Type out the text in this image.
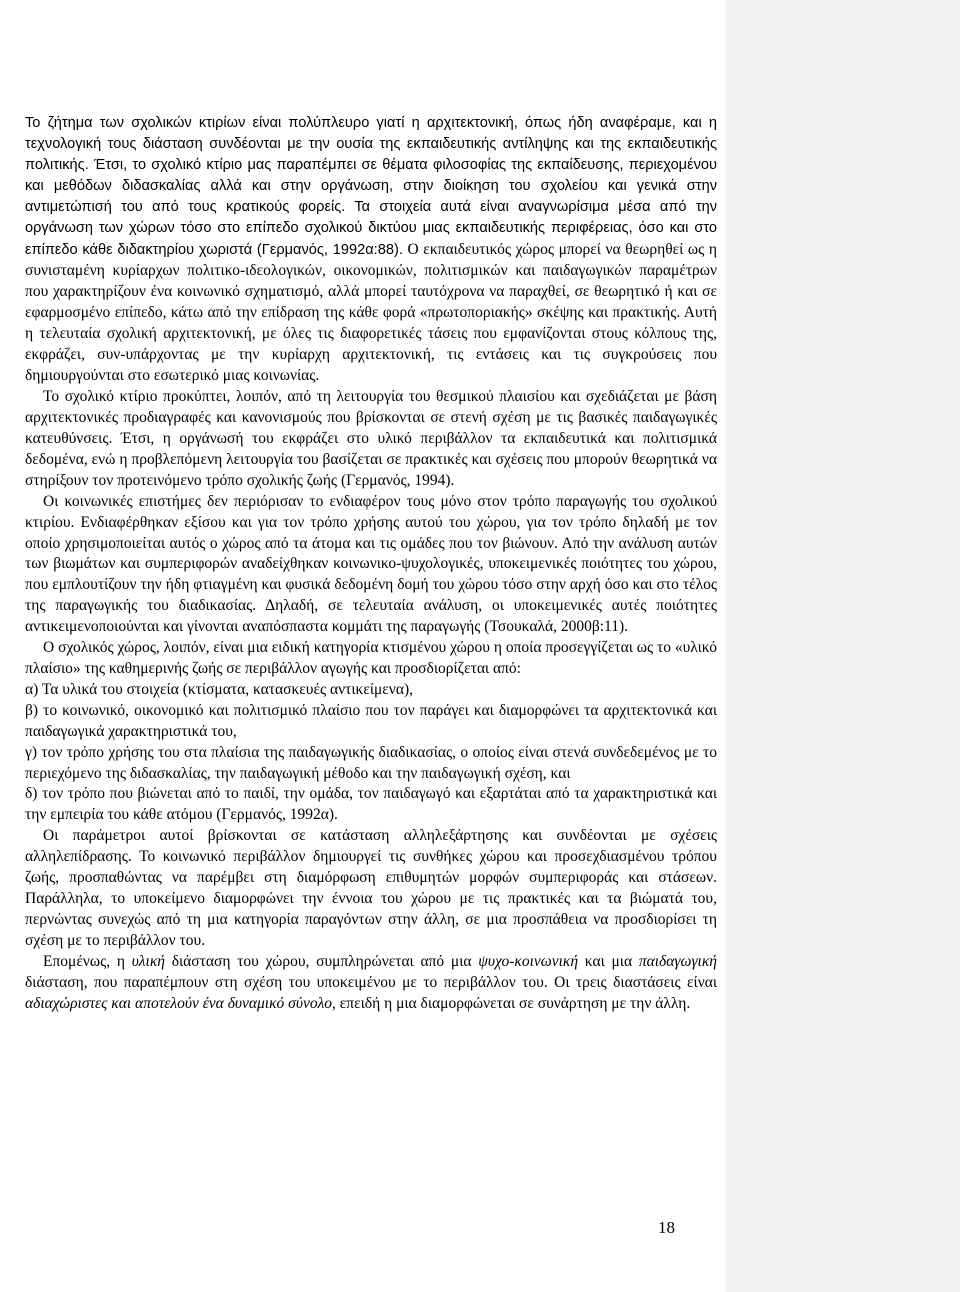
Το ζήτημα των σχολικών κτιρίων είναι πολύπλευρο γιατί η αρχιτεκτονική, όπως ήδη αναφέραμε, και η τεχνολογική τους διάσταση συνδέονται με την ουσία της εκπαιδευτικής αντίληψης και της εκπαιδευτικής πολιτικής. Έτσι, το σχολικό κτίριο μας παραπέμπει σε θέματα φιλοσοφίας της εκπαίδευσης, περιεχομένου και μεθόδων διδασκαλίας αλλά και στην οργάνωση, στην διοίκηση του σχολείου και γενικά στην αντιμετώπισή του από τους κρατικούς φορείς. Τα στοιχεία αυτά είναι αναγνωρίσιμα μέσα από την οργάνωση των χώρων τόσο στο επίπεδο σχολικού δικτύου μιας εκπαιδευτικής περιφέρειας, όσο και στο επίπεδο κάθε διδακτηρίου χωριστά (Γερμανός, 1992α:88). Ο εκπαιδευτικός χώρος μπορεί να θεωρηθεί ως η συνισταμένη κυρίαρχων πολιτικο-ιδεολογικών, οικονομικών, πολιτισμικών και παιδαγωγικών παραμέτρων που χαρακτηρίζουν ένα κοινωνικό σχηματισμό, αλλά μπορεί ταυτόχρονα να παραχθεί, σε θεωρητικό ή και σε εφαρμοσμένο επίπεδο, κάτω από την επίδραση της κάθε φορά «πρωτοποριακής» σκέψης και πρακτικής. Αυτή η τελευταία σχολική αρχιτεκτονική, με όλες τις διαφορετικές τάσεις που εμφανίζονται στους κόλπους της, εκφράζει, συν-υπάρχοντας με την κυρίαρχη αρχιτεκτονική, τις εντάσεις και τις συγκρούσεις που δημιουργούνται στο εσωτερικό μιας κοινωνίας.

Το σχολικό κτίριο προκύπτει, λοιπόν, από τη λειτουργία του θεσμικού πλαισίου και σχεδιάζεται με βάση αρχιτεκτονικές προδιαγραφές και κανονισμούς που βρίσκονται σε στενή σχέση με τις βασικές παιδαγωγικές κατευθύνσεις. Έτσι, η οργάνωσή του εκφράζει στο υλικό περιβάλλον τα εκπαιδευτικά και πολιτισμικά δεδομένα, ενώ η προβλεπόμενη λειτουργία του βασίζεται σε πρακτικές και σχέσεις που μπορούν θεωρητικά να στηρίξουν τον προτεινόμενο τρόπο σχολικής ζωής (Γερμανός, 1994).

Οι κοινωνικές επιστήμες δεν περιόρισαν το ενδιαφέρον τους μόνο στον τρόπο παραγωγής του σχολικού κτιρίου. Ενδιαφέρθηκαν εξίσου και για τον τρόπο χρήσης αυτού του χώρου, για τον τρόπο δηλαδή με τον οποίο χρησιμοποιείται αυτός ο χώρος από τα άτομα και τις ομάδες που τον βιώνουν. Από την ανάλυση αυτών των βιωμάτων και συμπεριφορών αναδείχθηκαν κοινωνικο-ψυχολογικές, υποκειμενικές ποιότητες του χώρου, που εμπλουτίζουν την ήδη φτιαγμένη και φυσικά δεδομένη δομή του χώρου τόσο στην αρχή όσο και στο τέλος της παραγωγικής του διαδικασίας. Δηλαδή, σε τελευταία ανάλυση, οι υποκειμενικές αυτές ποιότητες αντικειμενοποιούνται και γίνονται αναπόσπαστα κομμάτι της παραγωγής (Τσουκαλά, 2000β:11).

Ο σχολικός χώρος, λοιπόν, είναι μια ειδική κατηγορία κτισμένου χώρου η οποία προσεγγίζεται ως το «υλικό πλαίσιο» της καθημερινής ζωής σε περιβάλλον αγωγής και προσδιορίζεται από:

α) Τα υλικά του στοιχεία (κτίσματα, κατασκευές αντικείμενα),

β) το κοινωνικό, οικονομικό και πολιτισμικό πλαίσιο που τον παράγει και διαμορφώνει τα αρχιτεκτονικά και παιδαγωγικά χαρακτηριστικά του,

γ) τον τρόπο χρήσης του στα πλαίσια της παιδαγωγικής διαδικασίας, ο οποίος είναι στενά συνδεδεμένος με το περιεχόμενο της διδασκαλίας, την παιδαγωγική μέθοδο και την παιδαγωγική σχέση, και

δ) τον τρόπο που βιώνεται από το παιδί, την ομάδα, τον παιδαγωγό και εξαρτάται από τα χαρακτηριστικά και την εμπειρία του κάθε ατόμου (Γερμανός, 1992α).

Οι παράμετροι αυτοί βρίσκονται σε κατάσταση αλληλεξάρτησης και συνδέονται με σχέσεις αλληλεπίδρασης. Το κοινωνικό περιβάλλον δημιουργεί τις συνθήκες χώρου και προσεχδιασμένου τρόπου ζωής, προσπαθώντας να παρέμβει στη διαμόρφωση επιθυμητών μορφών συμπεριφοράς και στάσεων. Παράλληλα, το υποκείμενο διαμορφώνει την έννοια του χώρου με τις πρακτικές και τα βιώματά του, περνώντας συνεχώς από τη μια κατηγορία παραγόντων στην άλλη, σε μια προσπάθεια να προσδιορίσει τη σχέση με το περιβάλλον του.

Επομένως, η υλική διάσταση του χώρου, συμπληρώνεται από μια ψυχο-κοινωνική και μια παιδαγωγική διάσταση, που παραπέμπουν στη σχέση του υποκειμένου με το περιβάλλον του. Οι τρεις διαστάσεις είναι αδιαχώριστες και αποτελούν ένα δυναμικό σύνολο, επειδή η μια διαμορφώνεται σε συνάρτηση με την άλλη.

18
